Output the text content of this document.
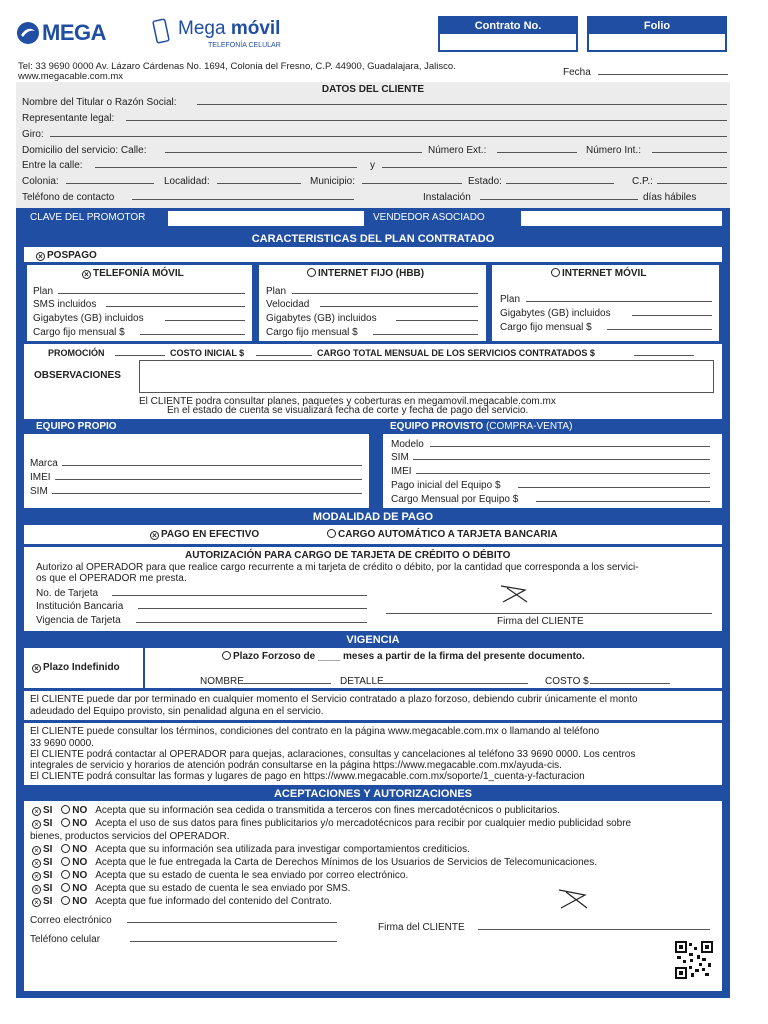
MEGA	Mega móvil
TELEFONÍA CELULAR
Contrato No.	Folio
Tel: 33 9690 0000 Av. Lázaro Cárdenas No. 1694, Colonia del Fresno, C.P. 44900, Guadalajara, Jalisco.
www.megacable.com.mx	Fecha
DATOS DEL CLIENTE
Nombre del Titular o Razón Social:
Representante legal:
Giro:
Domicilio del servicio: Calle:	Número Ext.:	Número Int.:
Entre la calle:	y
Colonia:	Localidad:	Municipio:	Estado:	C.P.:
Teléfono de contacto	Instalación	días hábiles
CLAVE DEL PROMOTOR	VENDEDOR ASOCIADO
CARACTERISTICAS DEL PLAN CONTRATADO
× POSPAGO
× TELEFONÍA MÓVIL
Plan
SMS incluidos
Gigabytes (GB) incluidos
Cargo fijo mensual $
INTERNET FIJO (HBB)
Plan
Velocidad
Gigabytes (GB) incluidos
Cargo fijo mensual $
INTERNET MÓVIL
Plan
Gigabytes (GB) incluidos
Cargo fijo mensual $
PROMOCIÓN	COSTO INICIAL $	CARGO TOTAL MENSUAL DE LOS SERVICIOS CONTRATADOS $
OBSERVACIONES
El CLIENTE podra consultar planes, paquetes y coberturas en megamovil.megacable.com.mx
En el estado de cuenta se visualizará fecha de corte y fecha de pago del servicio.
EQUIPO PROPIO	EQUIPO PROVISTO (COMPRA-VENTA)
Marca
IMEI
SIM
Modelo
SIM
IMEI
Pago inicial del Equipo $
Cargo Mensual por Equipo $
MODALIDAD DE PAGO
× PAGO EN EFECTIVO	CARGO AUTOMÁTICO A TARJETA BANCARIA
AUTORIZACIÓN PARA CARGO DE TARJETA DE CRÉDITO O DÉBITO
Autorizo al OPERADOR para que realice cargo recurrente a mi tarjeta de crédito o débito, por la cantidad que corresponda a los servici-
os que el OPERADOR me presta.
No. de Tarjeta
Institución Bancaria
Vigencia de Tarjeta	Firma del CLIENTE
VIGENCIA
× Plazo Indefinido
Plazo Forzoso de ____ meses a partir de la firma del presente documento.
NOMBRE	DETALLE	COSTO $
El CLIENTE puede dar por terminado en cualquier momento el Servicio contratado a plazo forzoso, debiendo cubrir únicamente el monto
adeudado del Equipo provisto, sin penalidad alguna en el servicio.
El CLIENTE puede consultar los términos, condiciones del contrato en la página www.megacable.com.mx o llamando al teléfono
33 9690 0000.
El CLIENTE podrá contactar al OPERADOR para quejas, aclaraciones, consultas y cancelaciones al teléfono 33 9690 0000. Los centros
integrales de servicio y horarios de atención podrán consultarse en la página https://www.megacable.com.mx/ayuda-cis.
El CLIENTE podrá consultar las formas y lugares de pago en https://www.megacable.com.mx/soporte/1_cuenta-y-facturacion
ACEPTACIONES Y AUTORIZACIONES
× SI NO Acepta que su información sea cedida o transmitida a terceros con fines mercadotécnicos o publicitarios.
× SI NO Acepta el uso de sus datos para fines publicitarios y/o mercadotécnicos para recibir por cualquier medio publicidad sobre
× SI NO Acepta que su información sea utilizada para investigar comportamientos crediticios.
× SI NO Acepta que le fue entregada la Carta de Derechos Mínimos de los Usuarios de Servicios de Telecomunicaciones.
× SI NO Acepta que su estado de cuenta le sea enviado por correo electrónico.
× SI NO Acepta que su estado de cuenta le sea enviado por SMS.
× SI NO Acepta que fue informado del contenido del Contrato.
bienes, productos servicios del OPERADOR.
Correo electrónico
Teléfono celular
Firma del CLIENTE
